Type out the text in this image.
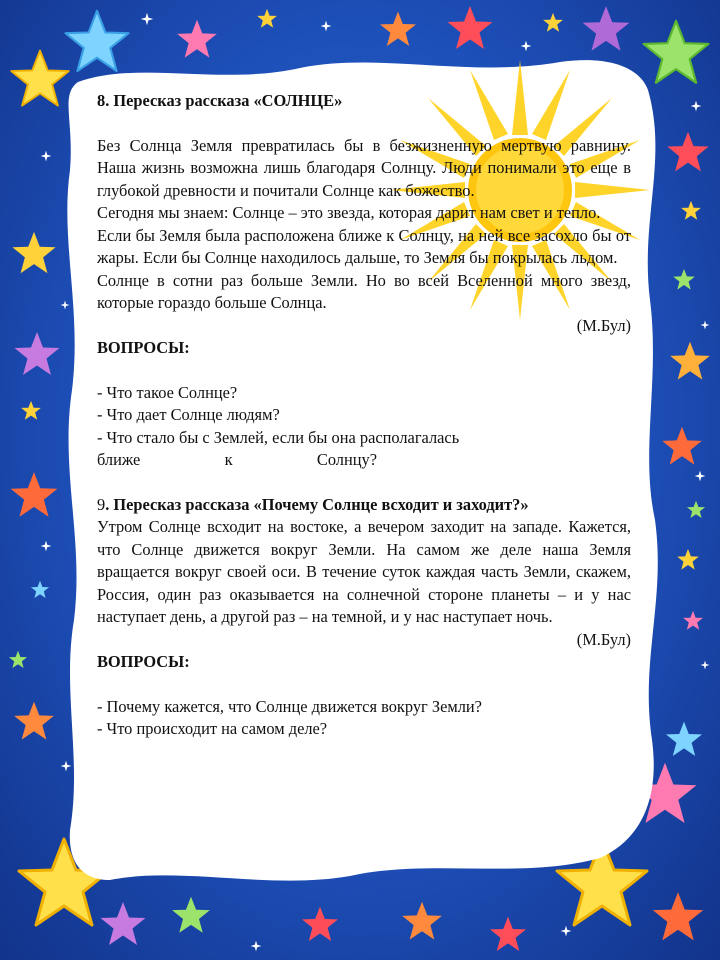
8. Пересказ рассказа «СОЛНЦЕ»

Без Солнца Земля превратилась бы в безжизненную мертвую равнину. Наша жизнь возможна лишь благодаря Солнцу. Люди понимали это еще в глубокой древности и почитали Солнце как божество.

Сегодня мы знаем: Солнце – это звезда, которая дарит нам свет и тепло.

Если бы Земля была расположена ближе к Солнцу, на ней все засохло бы от жары. Если бы Солнце находилось дальше, то Земля бы покрылась льдом.

Солнце в сотни раз больше Земли. Но во всей Вселенной много звезд, которые гораздо больше Солнца.

(М.Бул)

ВОПРОСЫ:

- Что такое Солнце?

- Что дает Солнце людям?

- Что стало бы с Землей, если бы она располагалась

ближе к Солнцу?

9. Пересказ рассказа «Почему Солнце всходит и заходит?»

Утром Солнце всходит на востоке, а вечером заходит на западе. Кажется, что Солнце движется вокруг Земли. На самом же деле наша Земля вращается вокруг своей оси. В течение суток каждая часть Земли, скажем, Россия, один раз оказывается на солнечной стороне планеты – и у нас наступает день, а другой раз – на темной, и у нас наступает ночь.

(М.Бул)

ВОПРОСЫ:

- Почему кажется, что Солнце движется вокруг Земли?

- Что происходит на самом деле?
